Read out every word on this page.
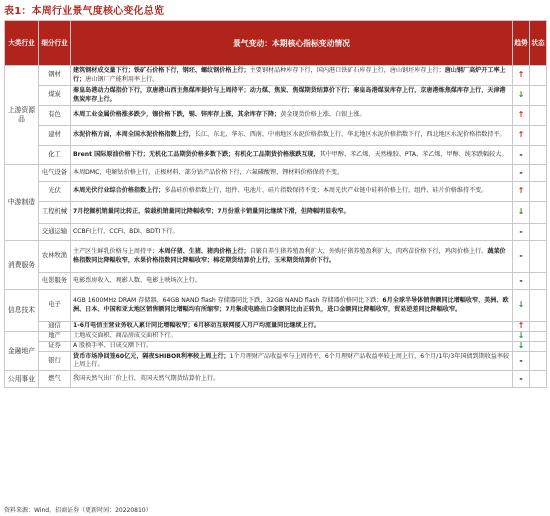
表1：本周行业景气度核心变化总览
大类行业	细分行业	景气变动：本期核心指标变动情况	趋势	状态
上游资源品	钢材	建筑钢材成交量下行；铁矿石价格下行，钢坯、螺纹钢价格上行；主要钢材品种库存下行，国内港口铁矿石库存上行，唐山钢坯库存上行；唐山钢厂高炉开工率上行；唐山钢厂产能利用率上行。	↑	
	煤炭	秦皇岛港动力煤指价下行，京唐港山西主焦煤库提价与上周持平；动力煤、焦炭、焦煤期货结算价下行；秦皇岛港煤炭库存上行，京唐港炼焦煤库存上行，天津港焦炭库存上行。	↓	
	有色	本周工业金属价格涨多跌少，镍价格下跌，锡、锌库存上涨，其余库存下降；黄金现货价格上涨、白银上涨。	↑	
	建材	水泥价格方面，本周全国水泥价格指数上行，长江、东北、华东、西南、中南地区水泥价格指数上行，华北地区水泥价格指数下行，西北地区水泥价格指数持平。	↑	
	化工	Brent 国际原油价格下行；无机化工品期货价格多数下跌；有机化工品期货价格涨跌互现，其中甲醇、苯乙烯、天然橡胶、PTA、苯乙烯、甲醇、纯苯跌幅较大。	-	
中游制造	电气设备	本周DMC、电解钴价格上行，正极材料、部分钴产品价格下行，六氟磷酸锂、锂材料价格保持不变。	-	
	光伏	本周光伏行业综合价格指数上行；多晶硅价格指数上行，组件、电池片、硅片指数保持不变；本周光伏产业链中硅料价格上行，组件、硅片价格维持不变。	↑	
	工程机械	7月挖掘机销量同比转正，装载机销量同比降幅收窄；7月份重卡销量同比继续下滑，但降幅明显收窄。	↓	
	交通运输	CCBFI上行，CCFI、BDI、BDTI下行。	-	
消费服务	农林牧渔	主产区生鲜乳价格与上周持平；本周仔猪、生猪、猪肉价格上行；自繁自养生猪养殖盈利扩大，外购仔猪养殖盈利扩大，肉鸡苗价格下行，鸡肉价格上行。蔬菜价格指数同比降幅收窄，水果价格指数同比降幅收窄；棉花期货结算价上行，玉米期货结算价下行。	-	
	电影服务	电影票房收入、观影人数、电影上映场次上行。	-	
信息技术	电子	4GB 1600MHz DRAM 存储器、64GB NAND flash 存储器同比下跌，32GB NAND flash 存储器价格同比下跌；6月全球半导体销售额同比增幅收窄，美洲、欧洲、日本、中国和亚太地区销售额同比增幅均有所缩窄；7月集成电路出口金额同比由正转负，进口金额同比降幅收窄，贸易逆差同比降幅收窄。	↓	
	通信	1-6月电信主营业务收入累计同比增幅收窄；6月移动互联网接入月户均流量同比继续上行。	↑	
金融地产	地产	土地成交面积、商品房成交面积下行。	↓	
	证券	A 股换手率、日成交额下行。	↓	
	银行	货币市场净回笼60亿元，隔夜SHIBOR利率较上周上行；1个月理财产品收益率与上周持平，6个月理财产品收益率较上周上行，6个月/1年/3年国债到期收益率较上周上行。	-	
公用事业	燃气	我国天然气出厂价上行，英国天然气期货结算价上行。	-	
资料来源：Wind，招商证券（更新时间：20220810）
